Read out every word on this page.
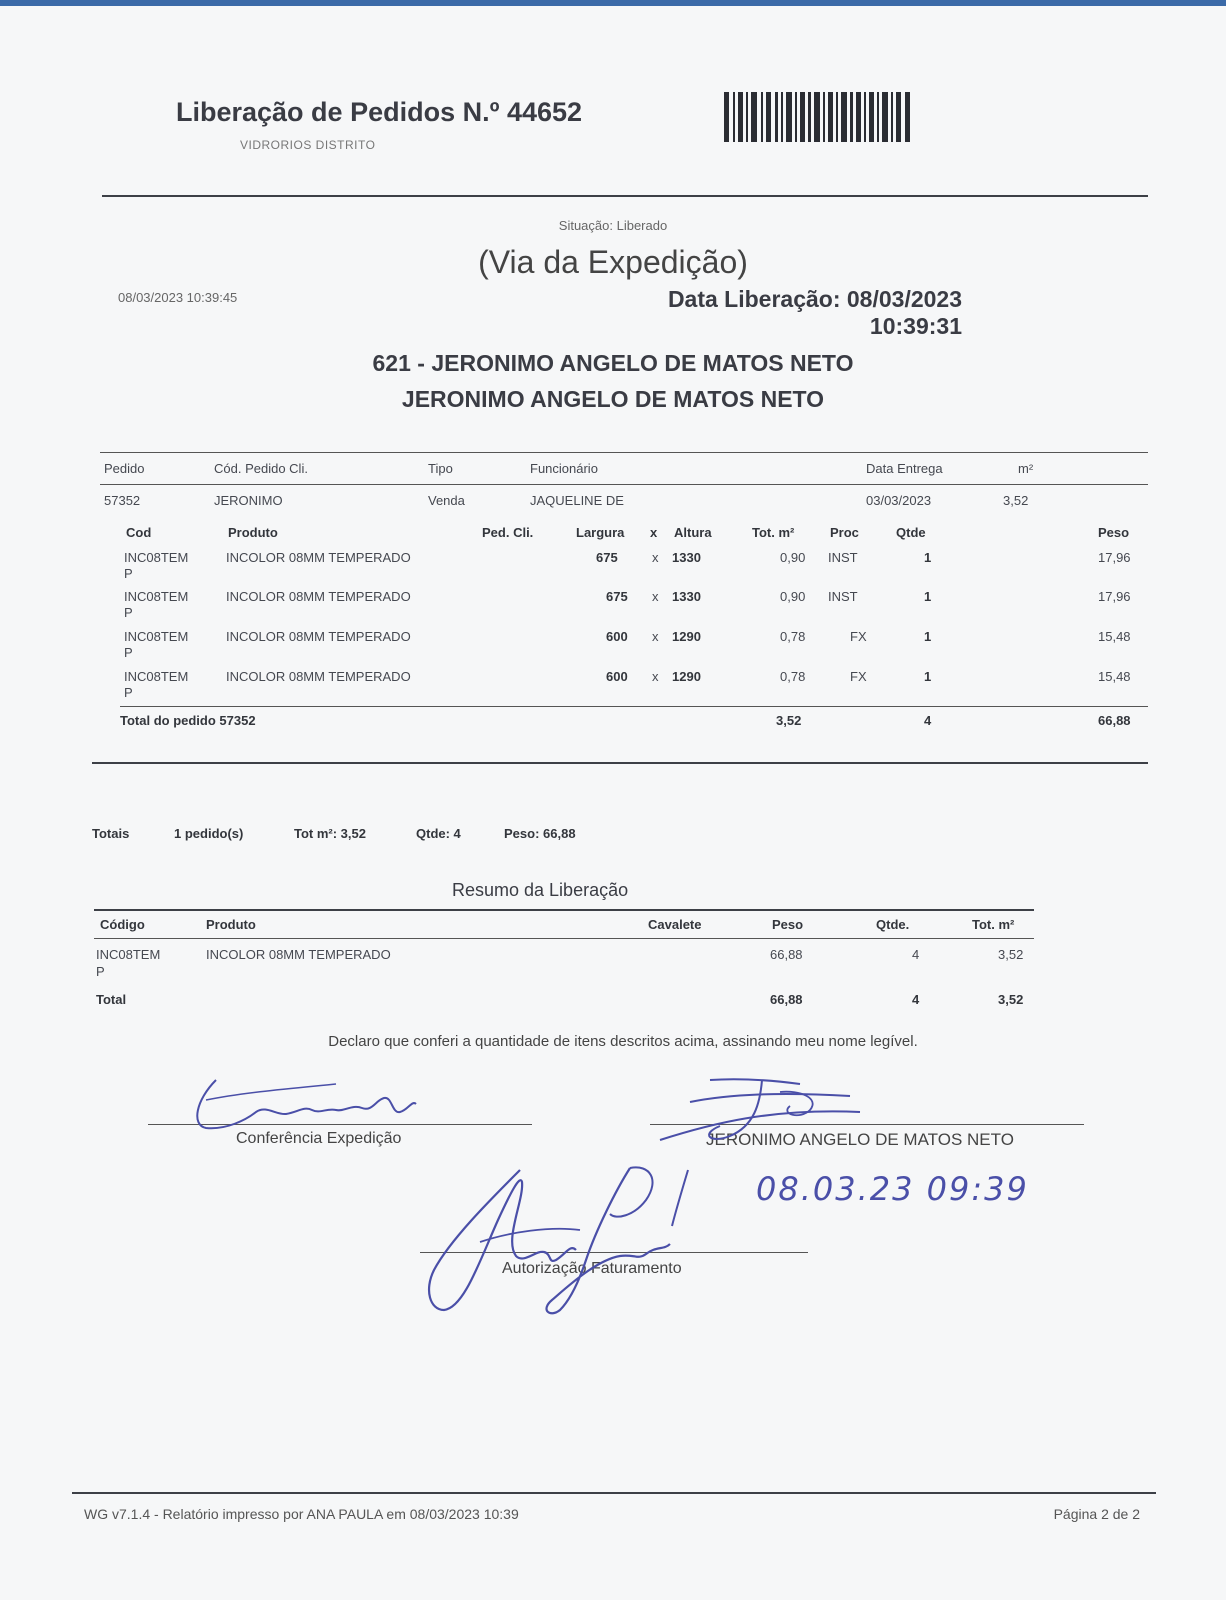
Liberação de Pedidos N.º 44652
VIDRORIOS DISTRITO
Situação: Liberado
(Via da Expedição)
08/03/2023 10:39:45	Data Liberação: 08/03/2023
10:39:31
621 - JERONIMO ANGELO DE MATOS NETO
JERONIMO ANGELO DE MATOS NETO
Pedido	Cód. Pedido Cli.	Tipo	Funcionário	Data Entrega	m²
57352	JERONIMO	Venda	JAQUELINE DE	03/03/2023	3,52
Cod	Produto	Ped. Cli.	Largura x Altura	Tot. m²	Proc	Qtde	Peso
INC08TEM
P
INCOLOR 08MM TEMPERADO	675	x 1330	0,90 INST	1	17,96
INC08TEM
P
INCOLOR 08MM TEMPERADO	675 x 1330	0,90 INST	1	17,96
INC08TEM
P
INCOLOR 08MM TEMPERADO	600 x 1290	0,78	FX	1	15,48
INC08TEM
P
INCOLOR 08MM TEMPERADO	600 x 1290	0,78	FX	1	15,48
Total do pedido 57352	3,52	4	66,88
Totais	1 pedido(s)	Tot m²: 3,52	Qtde: 4	Peso: 66,88
Resumo da Liberação
Código	Produto	Cavalete	Peso	Qtde.	Tot. m²
INC08TEM
P
INCOLOR 08MM TEMPERADO	66,88	4	3,52
Total	66,88	4	3,52
Declaro que conferi a quantidade de itens descritos acima, assinando meu nome legível.
Conferência Expedição	JERONIMO ANGELO DE MATOS NETO
Autorização Faturamento
08.03.23 09:39
WG v7.1.4 - Relatório impresso por ANA PAULA em 08/03/2023 10:39	Página 2 de 2
